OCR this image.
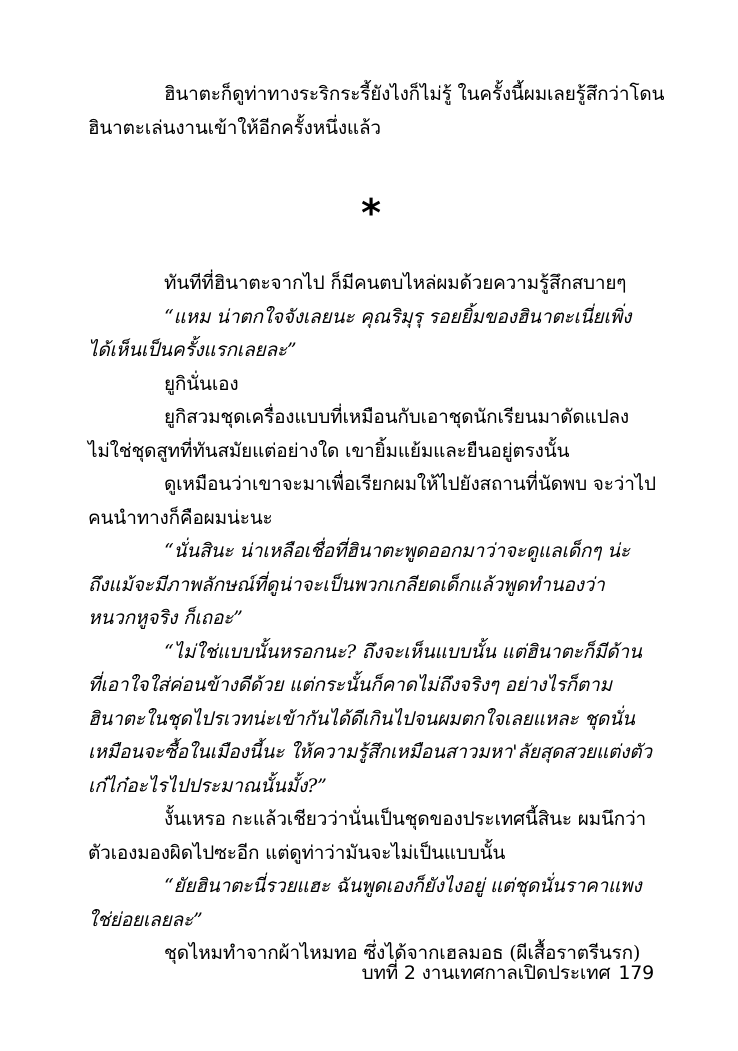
ฮินาตะก็ดูท่าทางระริกระรี้ยังไงก็ไม่รู้ ในครั้งนี้ผมเลยรู้สึกว่าโดน
ฮินาตะเล่นงานเข้าให้อีกครั้งหนึ่งแล้ว

*

ทันทีที่ฮินาตะจากไป ก็มีคนตบไหล่ผมด้วยความรู้สึกสบายๆ

“แหม น่าตกใจจังเลยนะ คุณริมุรุ รอยยิ้มของฮินาตะเนี่ยเพิ่ง
ได้เห็นเป็นครั้งแรกเลยละ”

ยูกินั่นเอง

ยูกิสวมชุดเครื่องแบบที่เหมือนกับเอาชุดนักเรียนมาดัดแปลง
ไม่ใช่ชุดสูทที่ทันสมัยแต่อย่างใด เขายิ้มแย้มและยืนอยู่ตรงนั้น

ดูเหมือนว่าเขาจะมาเพื่อเรียกผมให้ไปยังสถานที่นัดพบ จะว่าไป
คนนำทางก็คือผมน่ะนะ

“นั่นสินะ น่าเหลือเชื่อที่ฮินาตะพูดออกมาว่าจะดูแลเด็กๆ น่ะ
ถึงแม้จะมีภาพลักษณ์ที่ดูน่าจะเป็นพวกเกลียดเด็กแล้วพูดทำนองว่า
หนวกหูจริง ก็เถอะ”

“ไม่ใช่แบบนั้นหรอกนะ? ถึงจะเห็นแบบนั้น แต่ฮินาตะก็มีด้าน
ที่เอาใจใส่ค่อนข้างดีด้วย แต่กระนั้นก็คาดไม่ถึงจริงๆ อย่างไรก็ตาม
ฮินาตะในชุดไปรเวทน่ะเข้ากันได้ดีเกินไปจนผมตกใจเลยแหละ ชุดนั่น
เหมือนจะซื้อในเมืองนี้นะ ให้ความรู้สึกเหมือนสาวมหา'ลัยสุดสวยแต่งตัว
เก๋ไก๋อะไรไปประมาณนั้นมั้ง?”

งั้นเหรอ กะแล้วเชียวว่านั่นเป็นชุดของประเทศนี้สินะ ผมนึกว่า
ตัวเองมองผิดไปซะอีก แต่ดูท่าว่ามันจะไม่เป็นแบบนั้น

“ยัยฮินาตะนี่รวยแฮะ ฉันพูดเองก็ยังไงอยู่ แต่ชุดนั่นราคาแพง
ใช่ย่อยเลยละ”

ชุดไหมทำจากผ้าไหมทอ ซึ่งได้จากเฮลมอธ (ผีเสื้อราตรีนรก)

บทที่ 2 งานเทศกาลเปิดประเทศ 179
